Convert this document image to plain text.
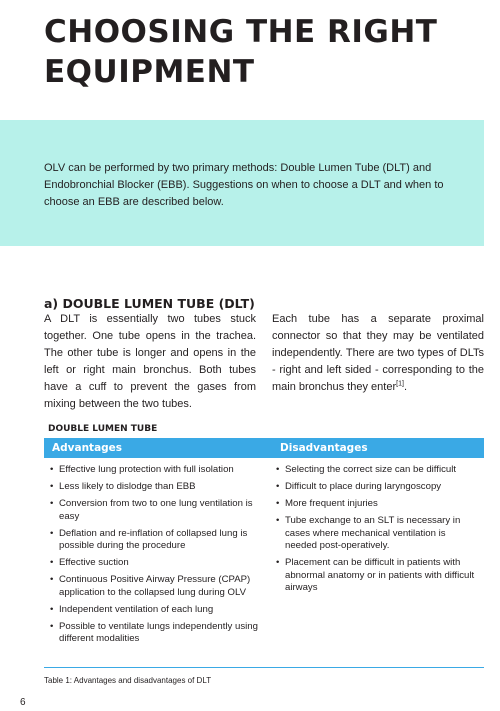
CHOOSING THE RIGHT EQUIPMENT

OLV can be performed by two primary methods: Double Lumen Tube (DLT) and Endobronchial Blocker (EBB). Suggestions on when to choose a DLT and when to choose an EBB are described below.

a) DOUBLE LUMEN TUBE (DLT)

A DLT is essentially two tubes stuck together. One tube opens in the trachea. The other tube is longer and opens in the left or right main bronchus. Both tubes have a cuff to prevent the gases from mixing between the two tubes.

Each tube has a separate proximal connector so that they may be ventilated independently. There are two types of DLTs - right and left sided - corresponding to the main bronchus they enter[1].

DOUBLE LUMEN TUBE
Advantages	Disadvantages
• Effective lung protection with full isolation
• Less likely to dislodge than EBB
• Conversion from two to one lung ventilation is easy
• Deflation and re-inflation of collapsed lung is possible during the procedure
• Effective suction
• Continuous Positive Airway Pressure (CPAP) application to the collapsed lung during OLV
• Independent ventilation of each lung
• Possible to ventilate lungs independently using different modalities
• Selecting the correct size can be difficult
• Difficult to place during laryngoscopy
• More frequent injuries
• Tube exchange to an SLT is necessary in cases where mechanical ventilation is needed post-operatively.
• Placement can be difficult in patients with abnormal anatomy or in patients with difficult airways
Table 1: Advantages and disadvantages of DLT
6
